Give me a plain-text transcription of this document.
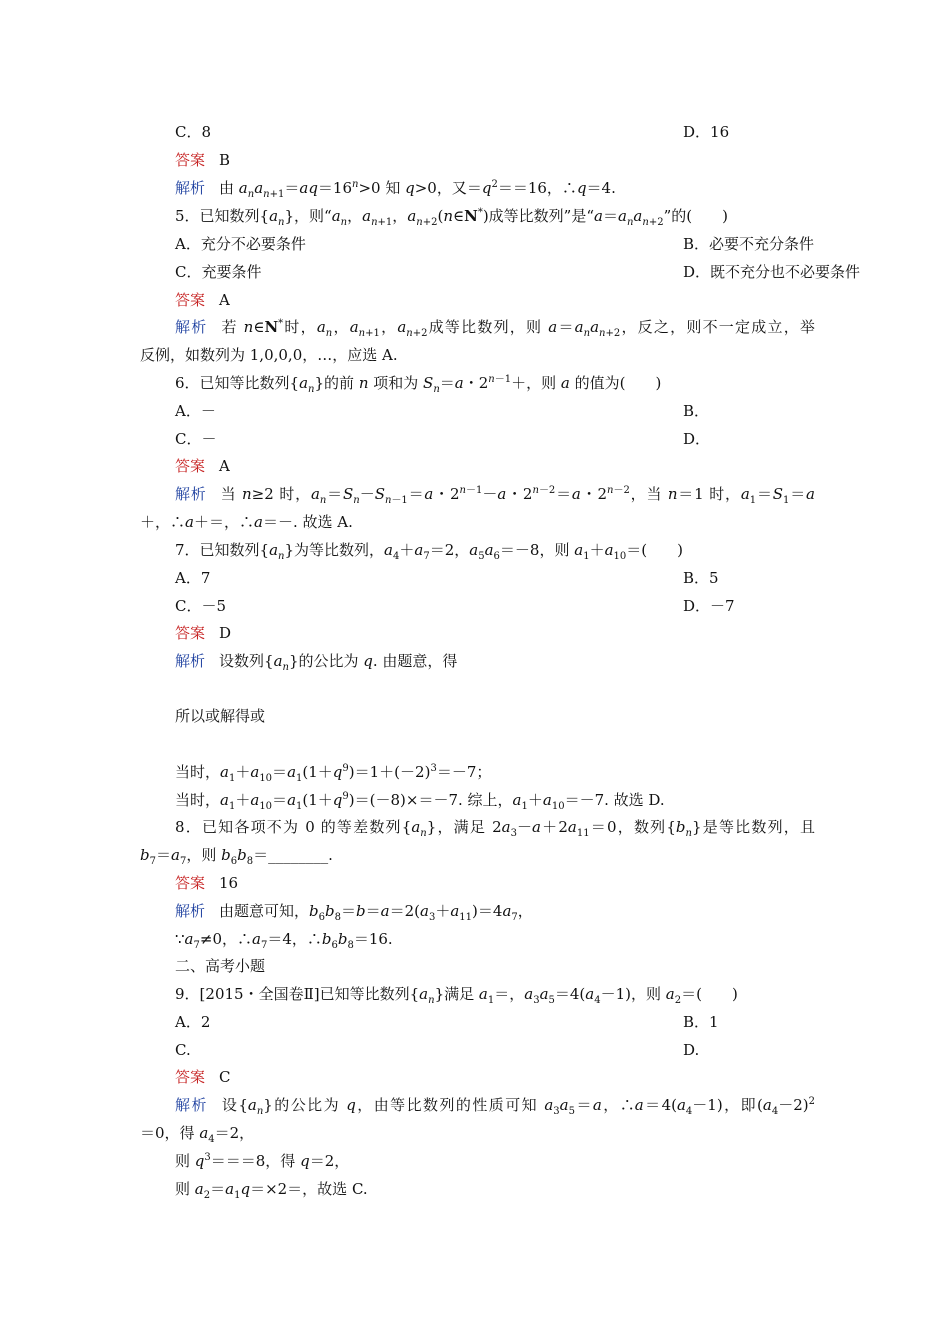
C．8	D．16
答案 B
解析 由 $a_na_{n+1}=aq=16^n>0$ 知 q>0，又$=q^2==16$，∴q＝4.
5．已知数列$\{a_n\}$，则“$a_n$，$a_{n+1}$，$a_{n+2}(n\in N^*)$成等比数列”是“$a=a_na_{n+2}$”的(　　)
A．充分不必要条件	B．必要不充分条件
C．充要条件	D．既不充分也不必要条件
答案 A
解析 若 n∈N*时，$a_n$，$a_{n+1}$，$a_{n+2}$成等比数列，则 $a=a_na_{n+2}$，反之，则不一定成立，举
反例，如数列为 1,0,0,0，…，应选 A.
6．已知等比数列$\{a_n\}$的前 n 项和为 $S_n=a$・$2^{n-1}+$，则 a 的值为(　　)
A．－	B．
C．－	D．
答案 A
解析 当 n≥2 时，$a_n=S_n-S_{n-1}=a$・$2^{n-1}-a$・$2^{n-2}=a$・$2^{n-2}$，当 n＝1 时，$a_1=S_1=a$
＋，∴a＋＝，∴a＝－. 故选 A.
7．已知数列$\{a_n\}$为等比数列，$a_4+a_7=2$，$a_5a_6=-8$，则 $a_1+a_{10}=$(　　)
A．7	B．5
C．－5	D．－7
答案 D
解析 设数列$\{a_n\}$的公比为 q. 由题意，得
所以或解得或
当时，$a_1+a_{10}=a_1(1+q^9)=1+(-2)^3=-7$；
当时，$a_1+a_{10}=a_1(1+q^9)=(-8)\times=-7$. 综上，$a_1+a_{10}=-7$. 故选 D.
8．已知各项不为 0 的等差数列$\{a_n\}$，满足 $2a_3-a+2a_{11}=0$，数列$\{b_n\}$是等比数列，且
$b_7=a_7$，则 $b_6b_8=\_\_\_\_\_\_\_\_$.
答案 16
解析 由题意可知，$b_6b_8=b=a=2(a_3+a_{11})=4a_7$，
$\because a_7\ne 0$，$\therefore a_7=4$，$\therefore b_6b_8=16$.
二、高考小题
9．[2015・全国卷Ⅱ]已知等比数列$\{a_n\}$满足 $a_1=$，$a_3a_5=4(a_4-1)$，则 $a_2=$(　　)
A．2	B．1
C.	D.
答案 C
解析 设$\{a_n\}$的公比为 q，由等比数列的性质可知 $a_3a_5=a$，$\therefore a=4(a_4-1)$，即$(a_4-2)^2$
＝0，得 $a_4=2$，
则 $q^3===8$，得 q＝2，
则 $a_2=a_1q=\times 2=$，故选 C.
